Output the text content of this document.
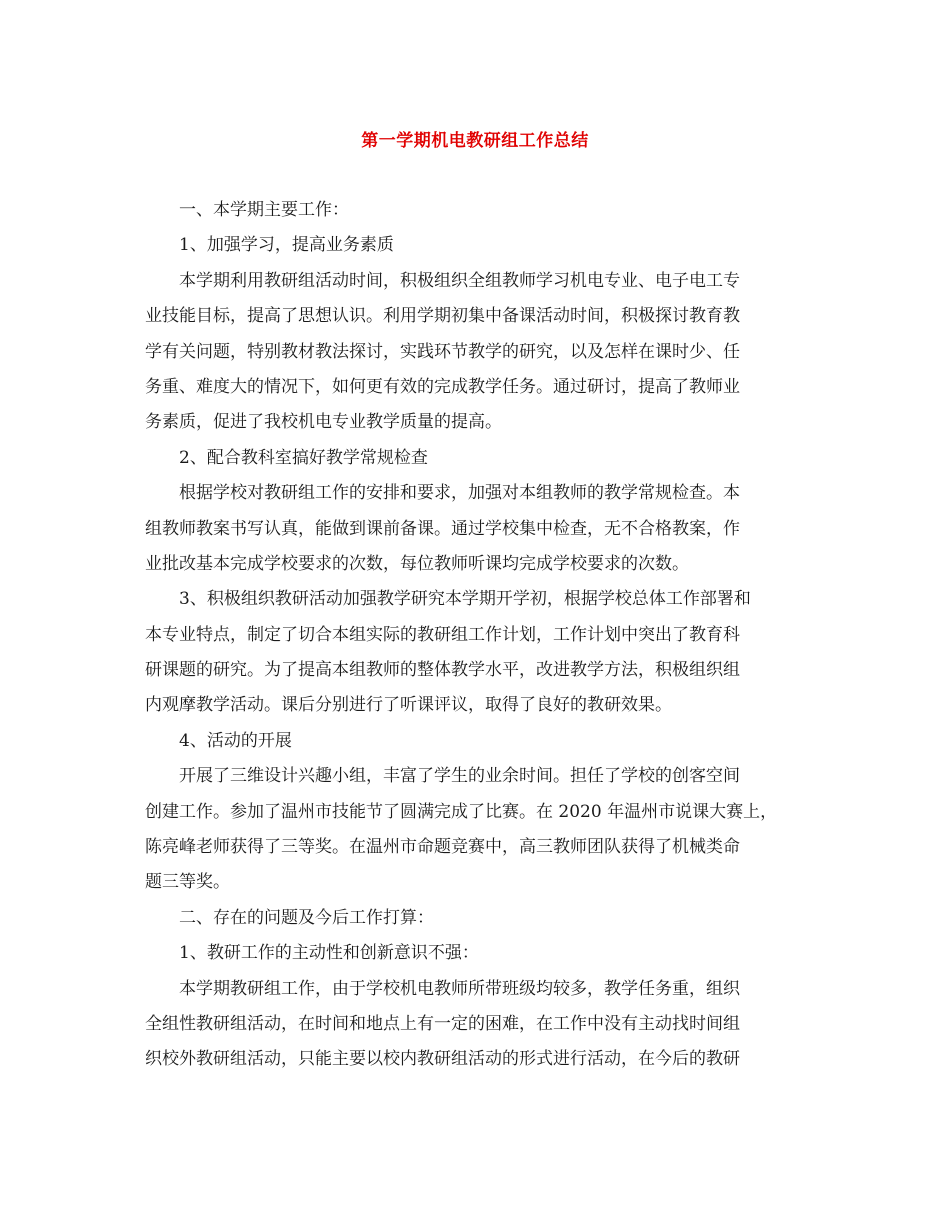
第一学期机电教研组工作总结
一、本学期主要工作：
1、加强学习，提高业务素质
本学期利用教研组活动时间，积极组织全组教师学习机电专业、电子电工专
业技能目标，提高了思想认识。利用学期初集中备课活动时间，积极探讨教育教
学有关问题，特别教材教法探讨，实践环节教学的研究，以及怎样在课时少、任
务重、难度大的情况下，如何更有效的完成教学任务。通过研讨，提高了教师业
务素质，促进了我校机电专业教学质量的提高。
2、配合教科室搞好教学常规检查
根据学校对教研组工作的安排和要求，加强对本组教师的教学常规检查。本
组教师教案书写认真，能做到课前备课。通过学校集中检查，无不合格教案，作
业批改基本完成学校要求的次数，每位教师听课均完成学校要求的次数。
3、积极组织教研活动加强教学研究本学期开学初，根据学校总体工作部署和
本专业特点，制定了切合本组实际的教研组工作计划，工作计划中突出了教育科
研课题的研究。为了提高本组教师的整体教学水平，改进教学方法，积极组织组
内观摩教学活动。课后分别进行了听课评议，取得了良好的教研效果。
4、活动的开展
开展了三维设计兴趣小组，丰富了学生的业余时间。担任了学校的创客空间
创建工作。参加了温州市技能节了圆满完成了比赛。在 2020 年温州市说课大赛上，
陈亮峰老师获得了三等奖。在温州市命题竞赛中，高三教师团队获得了机械类命
题三等奖。
二、存在的问题及今后工作打算：
1、教研工作的主动性和创新意识不强：
本学期教研组工作，由于学校机电教师所带班级均较多，教学任务重，组织
全组性教研组活动，在时间和地点上有一定的困难，在工作中没有主动找时间组
织校外教研组活动，只能主要以校内教研组活动的形式进行活动，在今后的教研
